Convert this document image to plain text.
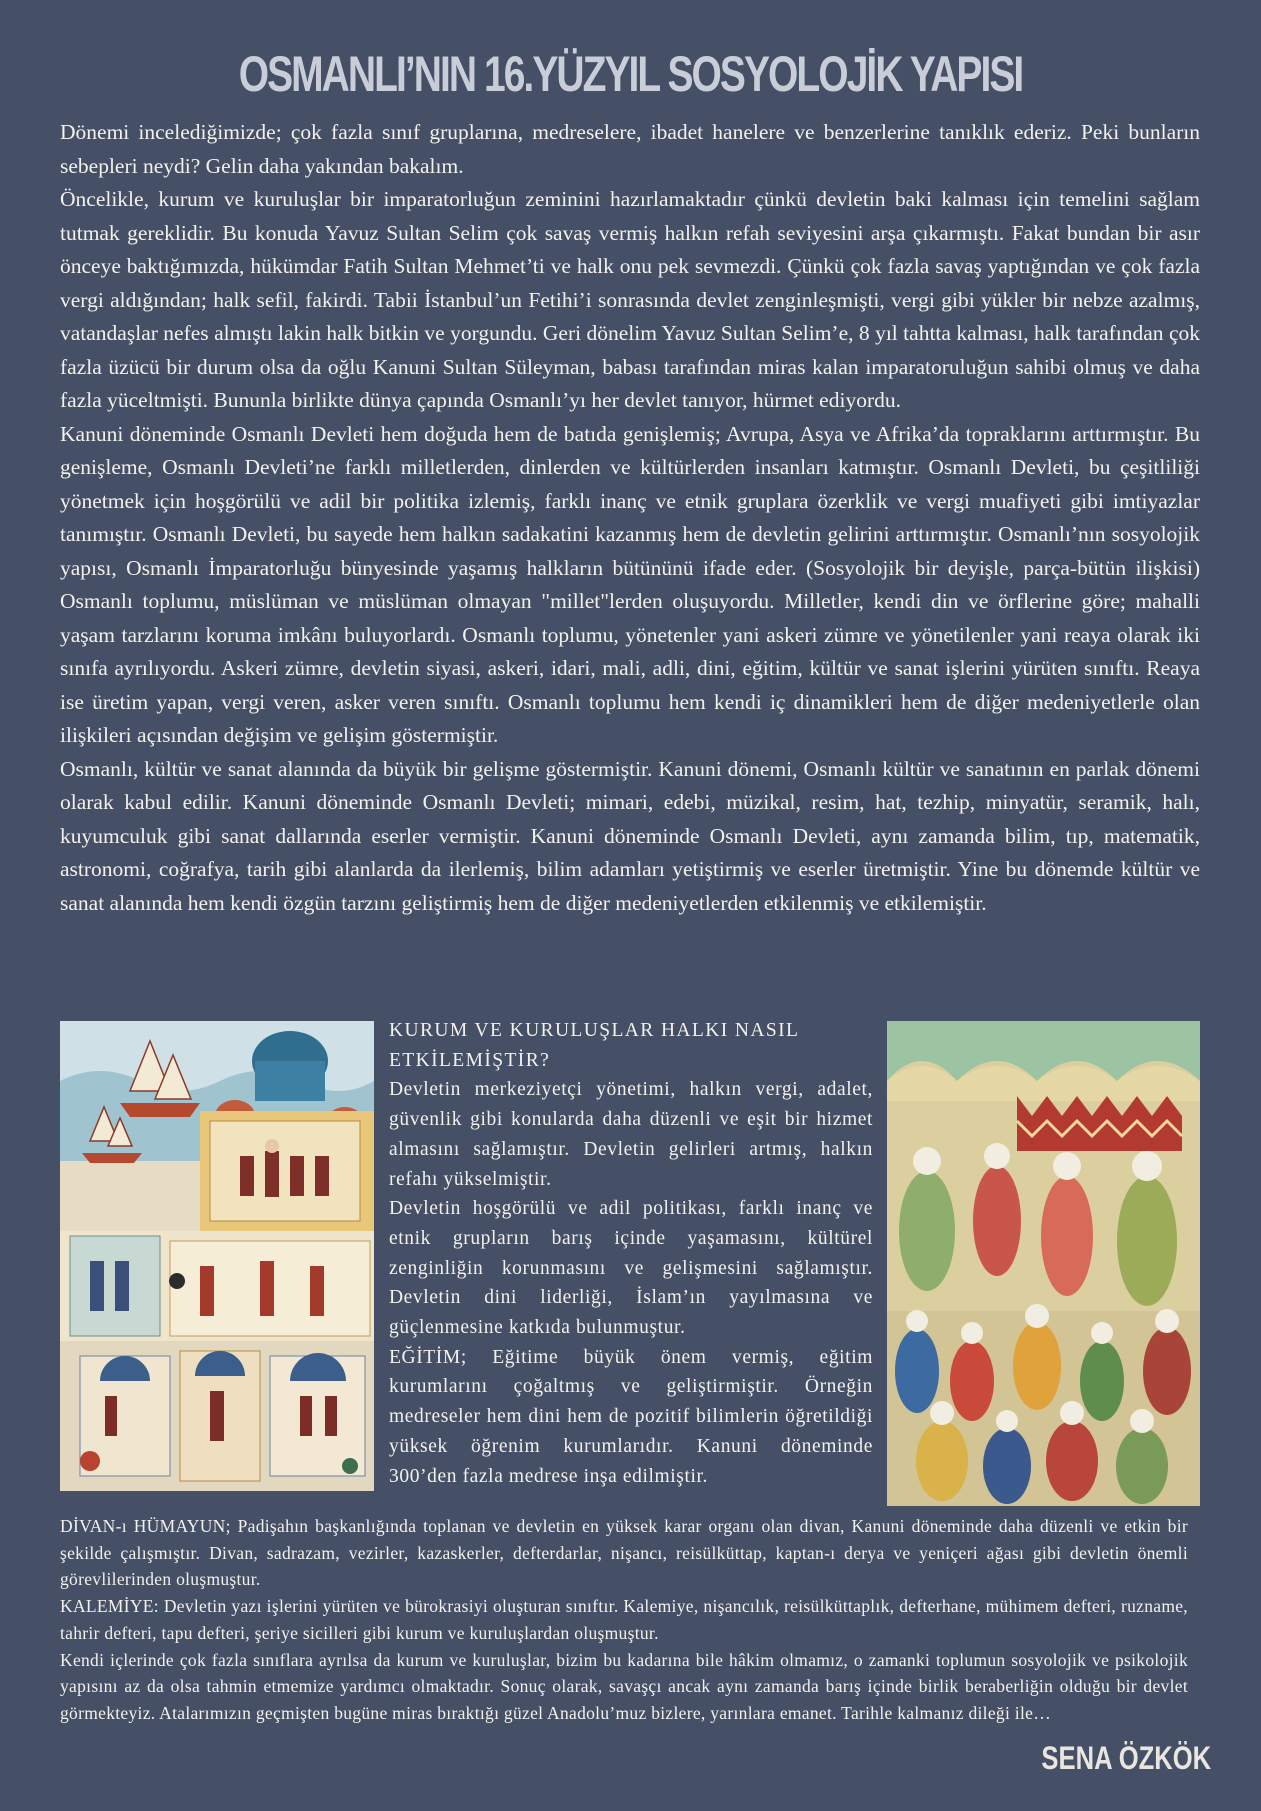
OSMANLI’NIN 16.YÜZYIL SOSYOLOJİK YAPISI

Dönemi incelediğimizde; çok fazla sınıf gruplarına, medreselere, ibadet hanelere ve benzerlerine tanıklık ederiz. Peki bunların sebepleri neydi? Gelin daha yakından bakalım.

Öncelikle, kurum ve kuruluşlar bir imparatorluğun zeminini hazırlamaktadır çünkü devletin baki kalması için temelini sağlam tutmak gereklidir. Bu konuda Yavuz Sultan Selim çok savaş vermiş halkın refah seviyesini arşa çıkarmıştı. Fakat bundan bir asır önceye baktığımızda, hükümdar Fatih Sultan Mehmet’ti ve halk onu pek sevmezdi. Çünkü çok fazla savaş yaptığından ve çok fazla vergi aldığından; halk sefil, fakirdi. Tabii İstanbul’un Fetihi’i sonrasında devlet zenginleşmişti, vergi gibi yükler bir nebze azalmış, vatandaşlar nefes almıştı lakin halk bitkin ve yorgundu. Geri dönelim Yavuz Sultan Selim’e, 8 yıl tahtta kalması, halk tarafından çok fazla üzücü bir durum olsa da oğlu Kanuni Sultan Süleyman, babası tarafından miras kalan imparatoruluğun sahibi olmuş ve daha fazla yüceltmişti. Bununla birlikte dünya çapında Osmanlı’yı her devlet tanıyor, hürmet ediyordu.

Kanuni döneminde Osmanlı Devleti hem doğuda hem de batıda genişlemiş; Avrupa, Asya ve Afrika’da topraklarını arttırmıştır. Bu genişleme, Osmanlı Devleti’ne farklı milletlerden, dinlerden ve kültürlerden insanları katmıştır. Osmanlı Devleti, bu çeşitliliği yönetmek için hoşgörülü ve adil bir politika izlemiş, farklı inanç ve etnik gruplara özerklik ve vergi muafiyeti gibi imtiyazlar tanımıştır. Osmanlı Devleti, bu sayede hem halkın sadakatini kazanmış hem de devletin gelirini arttırmıştır. Osmanlı’nın sosyolojik yapısı, Osmanlı İmparatorluğu bünyesinde yaşamış halkların bütününü ifade eder. (Sosyolojik bir deyişle, parça-bütün ilişkisi) Osmanlı toplumu, müslüman ve müslüman olmayan "millet"lerden oluşuyordu. Milletler, kendi din ve örflerine göre; mahalli yaşam tarzlarını koruma imkânı buluyorlardı. Osmanlı toplumu, yönetenler yani askeri zümre ve yönetilenler yani reaya olarak iki sınıfa ayrılıyordu. Askeri zümre, devletin siyasi, askeri, idari, mali, adli, dini, eğitim, kültür ve sanat işlerini yürüten sınıftı. Reaya ise üretim yapan, vergi veren, asker veren sınıftı. Osmanlı toplumu hem kendi iç dinamikleri hem de diğer medeniyetlerle olan ilişkileri açısından değişim ve gelişim göstermiştir.

Osmanlı, kültür ve sanat alanında da büyük bir gelişme göstermiştir. Kanuni dönemi, Osmanlı kültür ve sanatının en parlak dönemi olarak kabul edilir. Kanuni döneminde Osmanlı Devleti; mimari, edebi, müzikal, resim, hat, tezhip, minyatür, seramik, halı, kuyumculuk gibi sanat dallarında eserler vermiştir. Kanuni döneminde Osmanlı Devleti, aynı zamanda bilim, tıp, matematik, astronomi, coğrafya, tarih gibi alanlarda da ilerlemiş, bilim adamları yetiştirmiş ve eserler üretmiştir. Yine bu dönemde kültür ve sanat alanında hem kendi özgün tarzını geliştirmiş hem de diğer medeniyetlerden etkilenmiş ve etkilemiştir.

KURUM VE KURULUŞLAR HALKI NASIL ETKİLEMİŞTİR?

Devletin merkeziyetçi yönetimi, halkın vergi, adalet, güvenlik gibi konularda daha düzenli ve eşit bir hizmet almasını sağlamıştır. Devletin gelirleri artmış, halkın refahı yükselmiştir.

Devletin hoşgörülü ve adil politikası, farklı inanç ve etnik grupların barış içinde yaşamasını, kültürel zenginliğin korunmasını ve gelişmesini sağlamıştır. Devletin dini liderliği, İslam’ın yayılmasına ve güçlenmesine katkıda bulunmuştur.

EĞİTİM; Eğitime büyük önem vermiş, eğitim kurumlarını çoğaltmış ve geliştirmiştir. Örneğin medreseler hem dini hem de pozitif bilimlerin öğretildiği yüksek öğrenim kurumlarıdır. Kanuni döneminde 300’den fazla medrese inşa edilmiştir.

DİVAN-ı HÜMAYUN; Padişahın başkanlığında toplanan ve devletin en yüksek karar organı olan divan, Kanuni döneminde daha düzenli ve etkin bir şekilde çalışmıştır. Divan, sadrazam, vezirler, kazaskerler, defterdarlar, nişancı, reisülküttap, kaptan-ı derya ve yeniçeri ağası gibi devletin önemli görevlilerinden oluşmuştur.

KALEMİYE: Devletin yazı işlerini yürüten ve bürokrasiyi oluşturan sınıftır. Kalemiye, nişancılık, reisülküttaplık, defterhane, mühimem defteri, ruzname, tahrir defteri, tapu defteri, şeriye sicilleri gibi kurum ve kuruluşlardan oluşmuştur.

Kendi içlerinde çok fazla sınıflara ayrılsa da kurum ve kuruluşlar, bizim bu kadarına bile hâkim olmamız, o zamanki toplumun sosyolojik ve psikolojik yapısını az da olsa tahmin etmemize yardımcı olmaktadır. Sonuç olarak, savaşçı ancak aynı zamanda barış içinde birlik beraberliğin olduğu bir devlet görmekteyiz. Atalarımızın geçmişten bugüne miras bıraktığı güzel Anadolu’muz bizlere, yarınlara emanet. Tarihle kalmanız dileği ile…

SENA ÖZKÖK
